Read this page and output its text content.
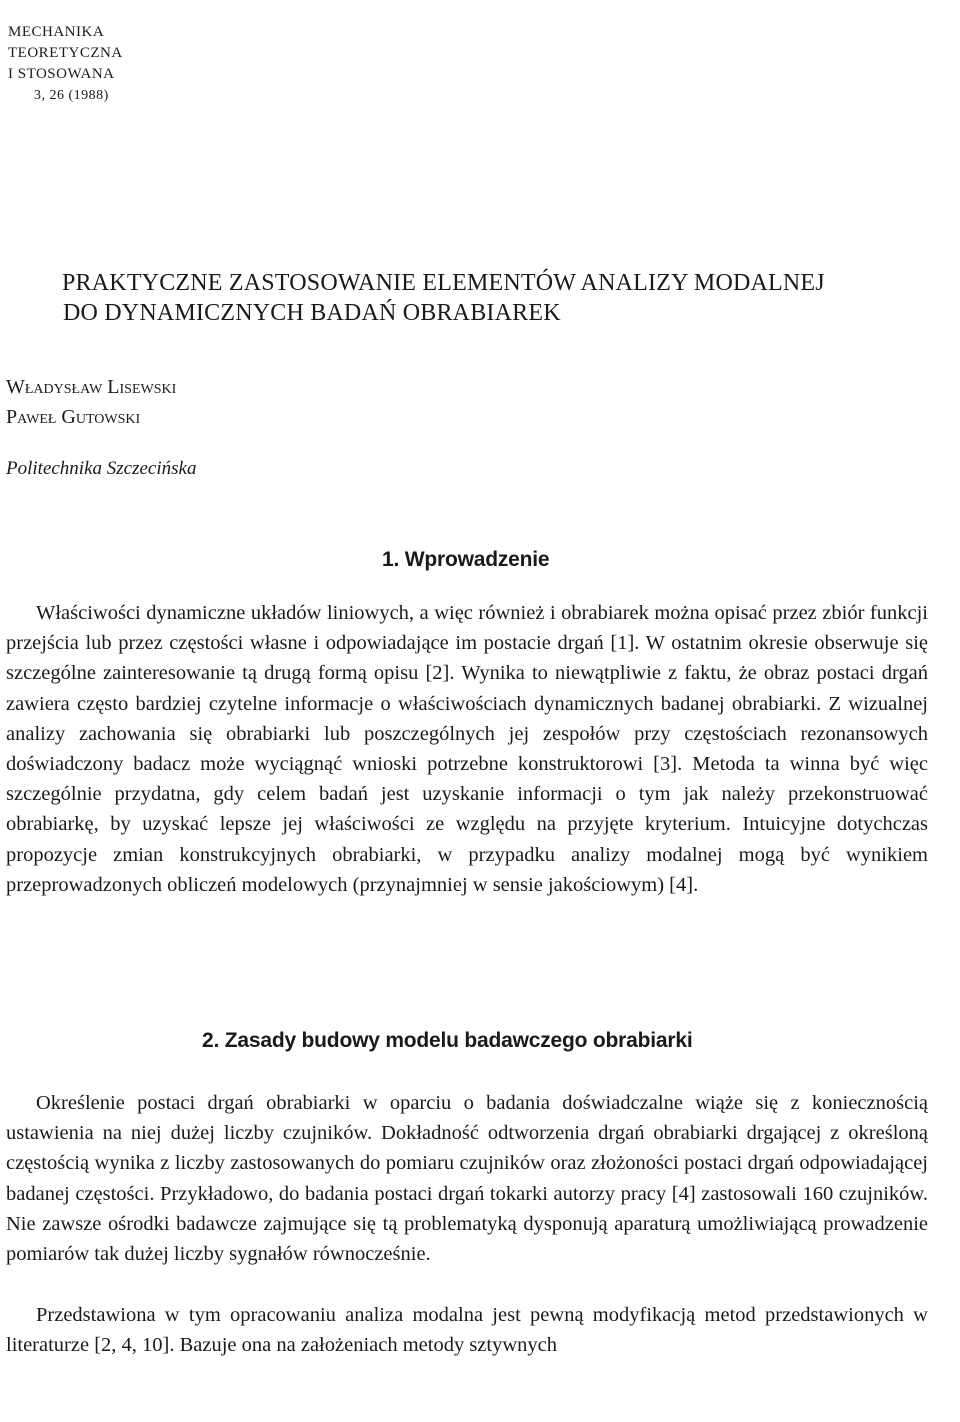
MECHANIKA
TEORETYCZNA
I STOSOWANA
3, 26 (1988)
PRAKTYCZNE ZASTOSOWANIE ELEMENTÓW ANALIZY MODALNEJ
DO DYNAMICZNYCH BADAŃ OBRABIAREK
Władysław Lisewski
Paweł Gutowski
Politechnika Szczecińska
1. Wprowadzenie

Właściwości dynamiczne układów liniowych, a więc również i obrabiarek można opisać przez zbiór funkcji przejścia lub przez częstości własne i odpowiadające im postacie drgań [1]. W ostatnim okresie obserwuje się szczególne zainteresowanie tą drugą formą opisu [2]. Wynika to niewątpliwie z faktu, że obraz postaci drgań zawiera często bardziej czytelne informacje o właściwościach dynamicznych badanej obrabiarki. Z wizualnej analizy zachowania się obrabiarki lub poszczególnych jej zespołów przy częstościach rezonansowych doświadczony badacz może wyciągnąć wnioski potrzebne konstruktorowi [3]. Metoda ta winna być więc szczególnie przydatna, gdy celem badań jest uzyskanie informacji o tym jak należy przekonstruować obrabiarkę, by uzyskać lepsze jej właściwości ze względu na przyjęte kryterium. Intuicyjne dotychczas propozycje zmian konstrukcyjnych obrabiarki, w przypadku analizy modalnej mogą być wynikiem przeprowadzonych obliczeń modelowych (przynajmniej w sensie jakościowym) [4].

2. Zasady budowy modelu badawczego obrabiarki

Określenie postaci drgań obrabiarki w oparciu o badania doświadczalne wiąże się z koniecznością ustawienia na niej dużej liczby czujników. Dokładność odtworzenia drgań obrabiarki drgającej z określoną częstością wynika z liczby zastosowanych do pomiaru czujników oraz złożoności postaci drgań odpowiadającej badanej częstości. Przykładowo, do badania postaci drgań tokarki autorzy pracy [4] zastosowali 160 czujników. Nie zawsze ośrodki badawcze zajmujące się tą problematyką dysponują aparaturą umożliwiającą prowadzenie pomiarów tak dużej liczby sygnałów równocześnie.

Przedstawiona w tym opracowaniu analiza modalna jest pewną modyfikacją metod przedstawionych w literaturze [2, 4, 10]. Bazuje ona na założeniach metody sztywnych
